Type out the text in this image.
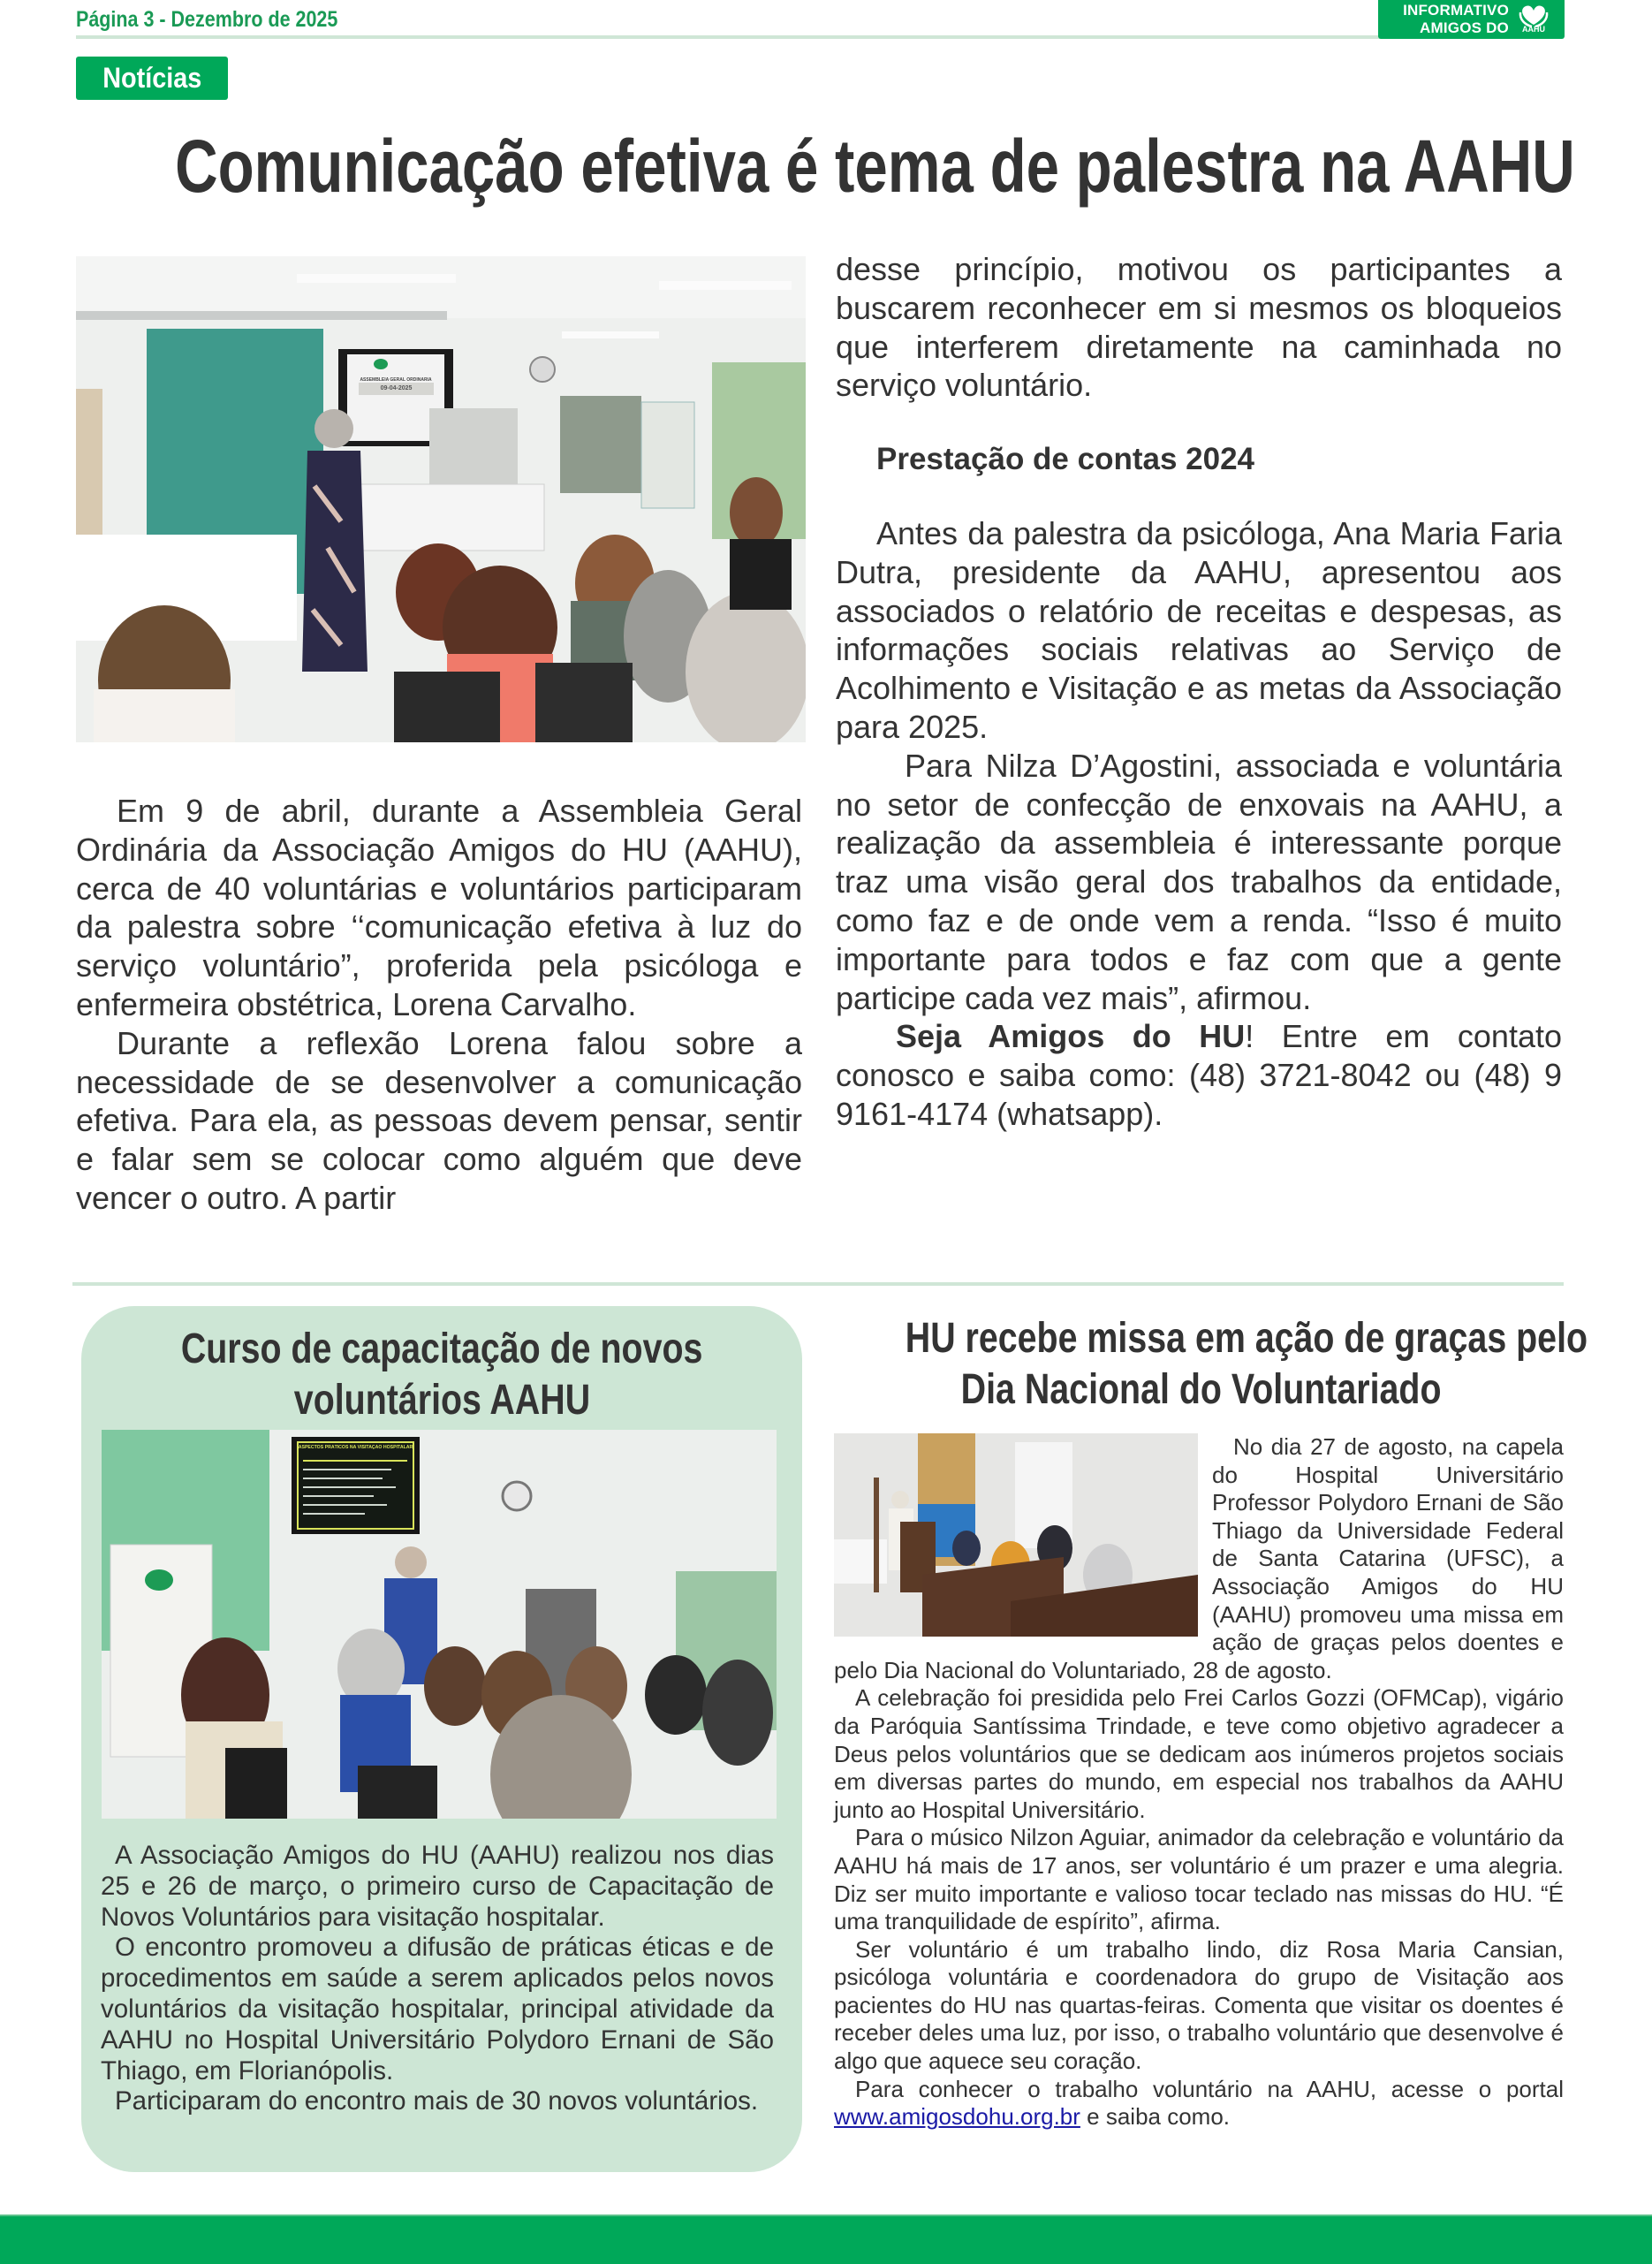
Página 3 - Dezembro de 2025	INFORMATIVO
AMIGOS DO HU
AAHU
Notícias
Comunicação efetiva é tema de palestra na AAHU
ASSEMBLEIA GERAL ORDINÁRIA
09-04-2025

Em 9 de abril, durante a Assembleia Geral Ordinária da Associação Amigos do HU (AAHU), cerca de 40 voluntárias e voluntários participaram da palestra sobre ‘‘comunicação efetiva à luz do serviço voluntário”, proferida pela psicóloga e enfermeira obstétrica, Lorena Carvalho.

Durante a reflexão Lorena falou sobre a necessidade de se desenvolver a comunicação efetiva. Para ela, as pessoas devem pensar, sentir e falar sem se colocar como alguém que deve vencer o outro. A partir

desse princípio, motivou os participantes a buscarem reconhecer em si mesmos os bloqueios que interferem diretamente na caminhada no serviço voluntário.

Prestação de contas 2024

Antes da palestra da psicóloga, Ana Maria Faria Dutra, presidente da AAHU, apresentou aos associados o relatório de receitas e despesas, as informações sociais relativas ao Serviço de Acolhimento e Visitação e as metas da Associação para 2025.

Para Nilza D’Agostini, associada e voluntária no setor de confecção de enxovais na AAHU, a realização da assembleia é interessante porque traz uma visão geral dos trabalhos da entidade, como faz e de onde vem a renda. “Isso é muito importante para todos e faz com que a gente participe cada vez mais”, afirmou.

Seja Amigos do HU! Entre em contato conosco e saiba como: (48) 3721-8042 ou (48) 9 9161-4174 (whatsapp).

Curso de capacitação de novos
voluntários AAHU
ASPECTOS PRÁTICOS NA VISITAÇÃO HOSPITALAR

A Associação Amigos do HU (AAHU) realizou nos dias 25 e 26 de março, o primeiro curso de Capacitação de Novos Voluntários para visitação hospitalar.

O encontro promoveu a difusão de práticas éticas e de procedimentos em saúde a serem aplicados pelos novos voluntários da visitação hospitalar, principal atividade da AAHU no Hospital Universitário Polydoro Ernani de São Thiago, em Florianópolis.

Participaram do encontro mais de 30 novos voluntários.

HU recebe missa em ação de graças pelo
Dia Nacional do Voluntariado

No dia 27 de agosto, na capela do Hospital Universitário Professor Polydoro Ernani de São Thiago da Universidade Federal de Santa Catarina (UFSC), a Associação Amigos do HU (AAHU) promoveu uma missa em ação de graças pelos doentes e pelo Dia Nacional do Voluntariado, 28 de agosto.

A celebração foi presidida pelo Frei Carlos Gozzi (OFMCap), vigário da Paróquia Santíssima Trindade, e teve como objetivo agradecer a Deus pelos voluntários que se dedicam aos inúmeros projetos sociais em diversas partes do mundo, em especial nos trabalhos da AAHU junto ao Hospital Universitário.

Para o músico Nilzon Aguiar, animador da celebração e voluntário da AAHU há mais de 17 anos, ser voluntário é um prazer e uma alegria. Diz ser muito importante e valioso tocar teclado nas missas do HU. “É uma tranquilidade de espírito”, afirma.

Ser voluntário é um trabalho lindo, diz Rosa Maria Cansian, psicóloga voluntária e coordenadora do grupo de Visitação aos pacientes do HU nas quartas-feiras. Comenta que visitar os doentes é receber deles uma luz, por isso, o trabalho voluntário que desenvolve é algo que aquece seu coração.

Para conhecer o trabalho voluntário na AAHU, acesse o portal www.amigosdohu.org.br e saiba como.
